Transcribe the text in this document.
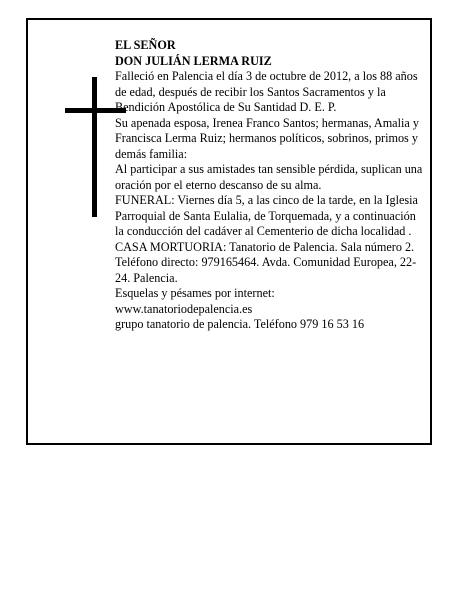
EL SEÑOR

DON JULIÁN LERMA RUIZ

Falleció en Palencia el día 3 de octubre de 2012, a los 88 años de edad, después de recibir los Santos Sacramentos y la Bendición Apostólica de Su Santidad D. E. P.

Su apenada esposa, Irenea Franco Santos; hermanas, Amalia y Francisca Lerma Ruiz; hermanos políticos, sobrinos, primos y demás familia:

Al participar a sus amistades tan sensible pérdida, suplican una oración por el eterno descanso de su alma.

FUNERAL: Viernes día 5, a las cinco de la tarde, en la Iglesia Parroquial de Santa Eulalia, de Torquemada, y a continuación la conducción del cadáver al Cementerio de dicha localidad .

CASA MORTUORIA: Tanatorio de Palencia. Sala número 2. Teléfono directo: 979165464. Avda. Comunidad Europea, 22-24. Palencia.

Esquelas y pésames por internet:

www.tanatoriodepalencia.es

grupo tanatorio de palencia. Teléfono 979 16 53 16
